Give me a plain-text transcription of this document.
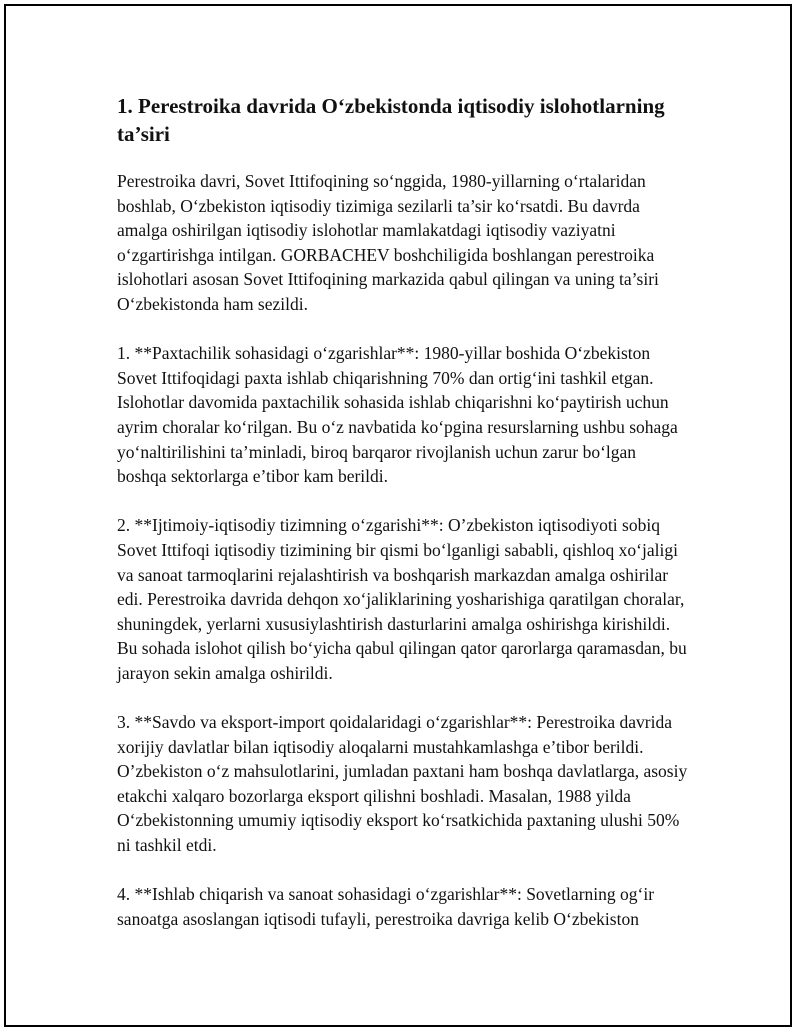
1. Perestroika davrida O‘zbekistonda iqtisodiy islohotlarning ta’siri

Perestroika davri, Sovet Ittifoqining so‘nggida, 1980-yillarning o‘rtalaridan boshlab, O‘zbekiston iqtisodiy tizimiga sezilarli ta’sir ko‘rsatdi. Bu davrda amalga oshirilgan iqtisodiy islohotlar mamlakatdagi iqtisodiy vaziyatni o‘zgartirishga intilgan. GORBACHEV boshchiligida boshlangan perestroika islohotlari asosan Sovet Ittifoqining markazida qabul qilingan va uning ta’siri O‘zbekistonda ham sezildi.

1. **Paxtachilik sohasidagi o‘zgarishlar**: 1980-yillar boshida O‘zbekiston Sovet Ittifoqidagi paxta ishlab chiqarishning 70% dan ortig‘ini tashkil etgan. Islohotlar davomida paxtachilik sohasida ishlab chiqarishni ko‘paytirish uchun ayrim choralar ko‘rilgan. Bu o‘z navbatida ko‘pgina resurslarning ushbu sohaga yo‘naltirilishini ta’minladi, biroq barqaror rivojlanish uchun zarur bo‘lgan boshqa sektorlarga e’tibor kam berildi.

2. **Ijtimoiy-iqtisodiy tizimning o‘zgarishi**: O’zbekiston iqtisodiyoti sobiq Sovet Ittifoqi iqtisodiy tizimining bir qismi bo‘lganligi sababli, qishloq xo‘jaligi va sanoat tarmoqlarini rejalashtirish va boshqarish markazdan amalga oshirilar edi. Perestroika davrida dehqon xo‘jaliklarining yosharishiga qaratilgan choralar, shuningdek, yerlarni xususiylashtirish dasturlarini amalga oshirishga kirishildi. Bu sohada islohot qilish bo‘yicha qabul qilingan qator qarorlarga qaramasdan, bu jarayon sekin amalga oshirildi.

3. **Savdo va eksport-import qoidalaridagi o‘zgarishlar**: Perestroika davrida xorijiy davlatlar bilan iqtisodiy aloqalarni mustahkamlashga e’tibor berildi. O’zbekiston o‘z mahsulotlarini, jumladan paxtani ham boshqa davlatlarga, asosiy etakchi xalqaro bozorlarga eksport qilishni boshladi. Masalan, 1988 yilda O‘zbekistonning umumiy iqtisodiy eksport ko‘rsatkichida paxtaning ulushi 50% ni tashkil etdi.

4. **Ishlab chiqarish va sanoat sohasidagi o‘zgarishlar**: Sovetlarning og‘ir sanoatga asoslangan iqtisodi tufayli, perestroika davriga kelib O‘zbekiston
